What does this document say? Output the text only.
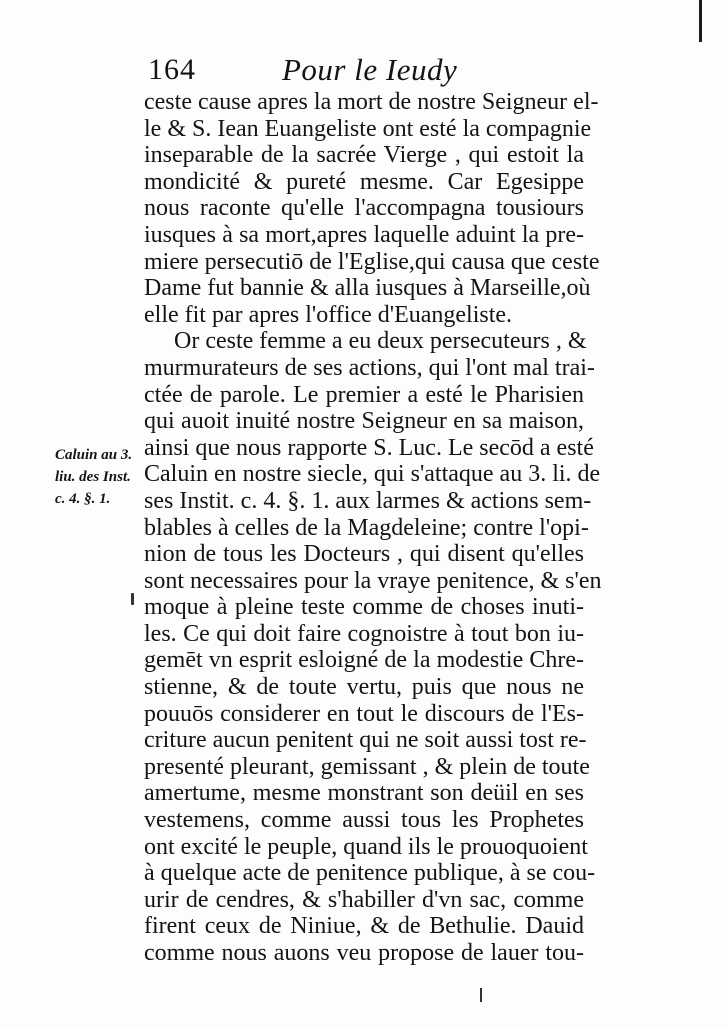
164	Pour le Ieudy
Caluin au 3.
liu. des Inst.
c. 4. §. 1.
ceste cause apres la mort de nostre Seigneur el-
le & S. Iean Euangeliste ont esté la compagnie
inseparable de la sacrée Vierge , qui estoit la
mondicité & pureté mesme. Car Egesippe
nous raconte qu'elle l'accompagna tousiours
iusques à sa mort,apres laquelle aduint la pre-
miere persecutiō de l'Eglise,qui causa que ceste
Dame fut bannie & alla iusques à Marseille,où
elle fit par apres l'office d'Euangeliste.
Or ceste femme a eu deux persecuteurs , &
murmurateurs de ses actions, qui l'ont mal trai-
ctée de parole. Le premier a esté le Pharisien
qui auoit inuité nostre Seigneur en sa maison,
ainsi que nous rapporte S. Luc. Le secōd a esté
Caluin en nostre siecle, qui s'attaque au 3. li. de
ses Instit. c. 4. §. 1. aux larmes & actions sem-
blables à celles de la Magdeleine; contre l'opi-
nion de tous les Docteurs , qui disent qu'elles
sont necessaires pour la vraye penitence, & s'en
moque à pleine teste comme de choses inuti-
les. Ce qui doit faire cognoistre à tout bon iu-
gemēt vn esprit esloigné de la modestie Chre-
stienne, & de toute vertu, puis que nous ne
pouuōs considerer en tout le discours de l'Es-
criture aucun penitent qui ne soit aussi tost re-
presenté pleurant, gemissant , & plein de toute
amertume, mesme monstrant son deüil en ses
vestemens, comme aussi tous les Prophetes
ont excité le peuple, quand ils le prouoquoient
à quelque acte de penitence publique, à se cou-
urir de cendres, & s'habiller d'vn sac, comme
firent ceux de Niniue, & de Bethulie. Dauid
comme nous auons veu propose de lauer tou-
